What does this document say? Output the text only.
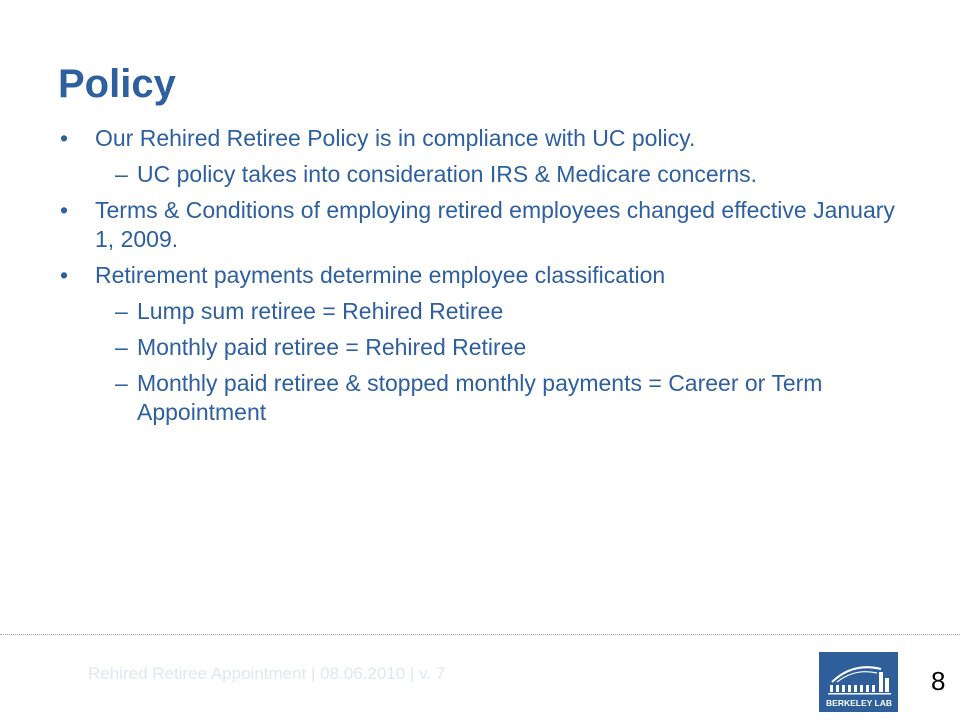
Policy
• Our Rehired Retiree Policy is in compliance with UC policy.
– UC policy takes into consideration IRS & Medicare concerns.
• Terms & Conditions of employing retired employees changed effective January 1, 2009.
• Retirement payments determine employee classification
– Lump sum retiree = Rehired Retiree
– Monthly paid retiree = Rehired Retiree
– Monthly paid retiree & stopped monthly payments = Career or Term Appointment
Rehired Retiree Appointment | 08.06.2010 | v. 7
BERKELEY LAB
8
